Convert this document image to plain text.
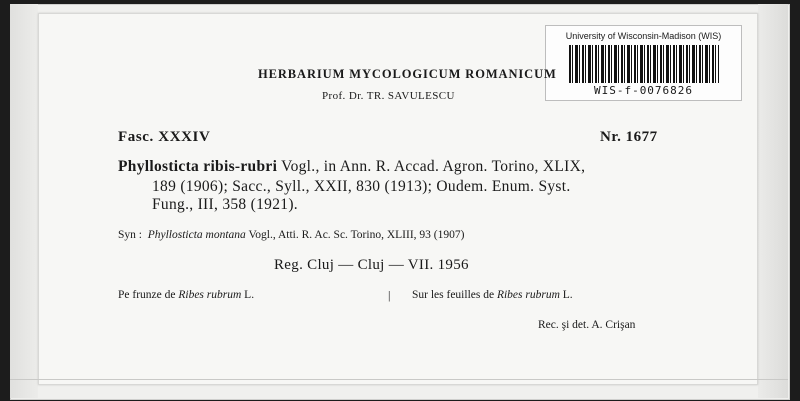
University of Wisconsin-Madison (WIS)
WIS-f-0076826
HERBARIUM MYCOLOGICUM ROMANICUM
Prof. Dr. TR. SAVULESCU
Fasc. XXXIV	Nr. 1677
Phyllosticta ribis-rubri Vogl., in Ann. R. Accad. Agron. Torino, XLIX,
189 (1906); Sacc., Syll., XXII, 830 (1913); Oudem. Enum. Syst.
Fung., III, 358 (1921).
Syn : Phyllosticta montana Vogl., Atti. R. Ac. Sc. Torino, XLIII, 93 (1907)
Reg. Cluj — Cluj — VII. 1956
Pe frunze de Ribes rubrum L.	| Sur les feuilles de Ribes rubrum L.
Rec. şi det. A. Crişan
